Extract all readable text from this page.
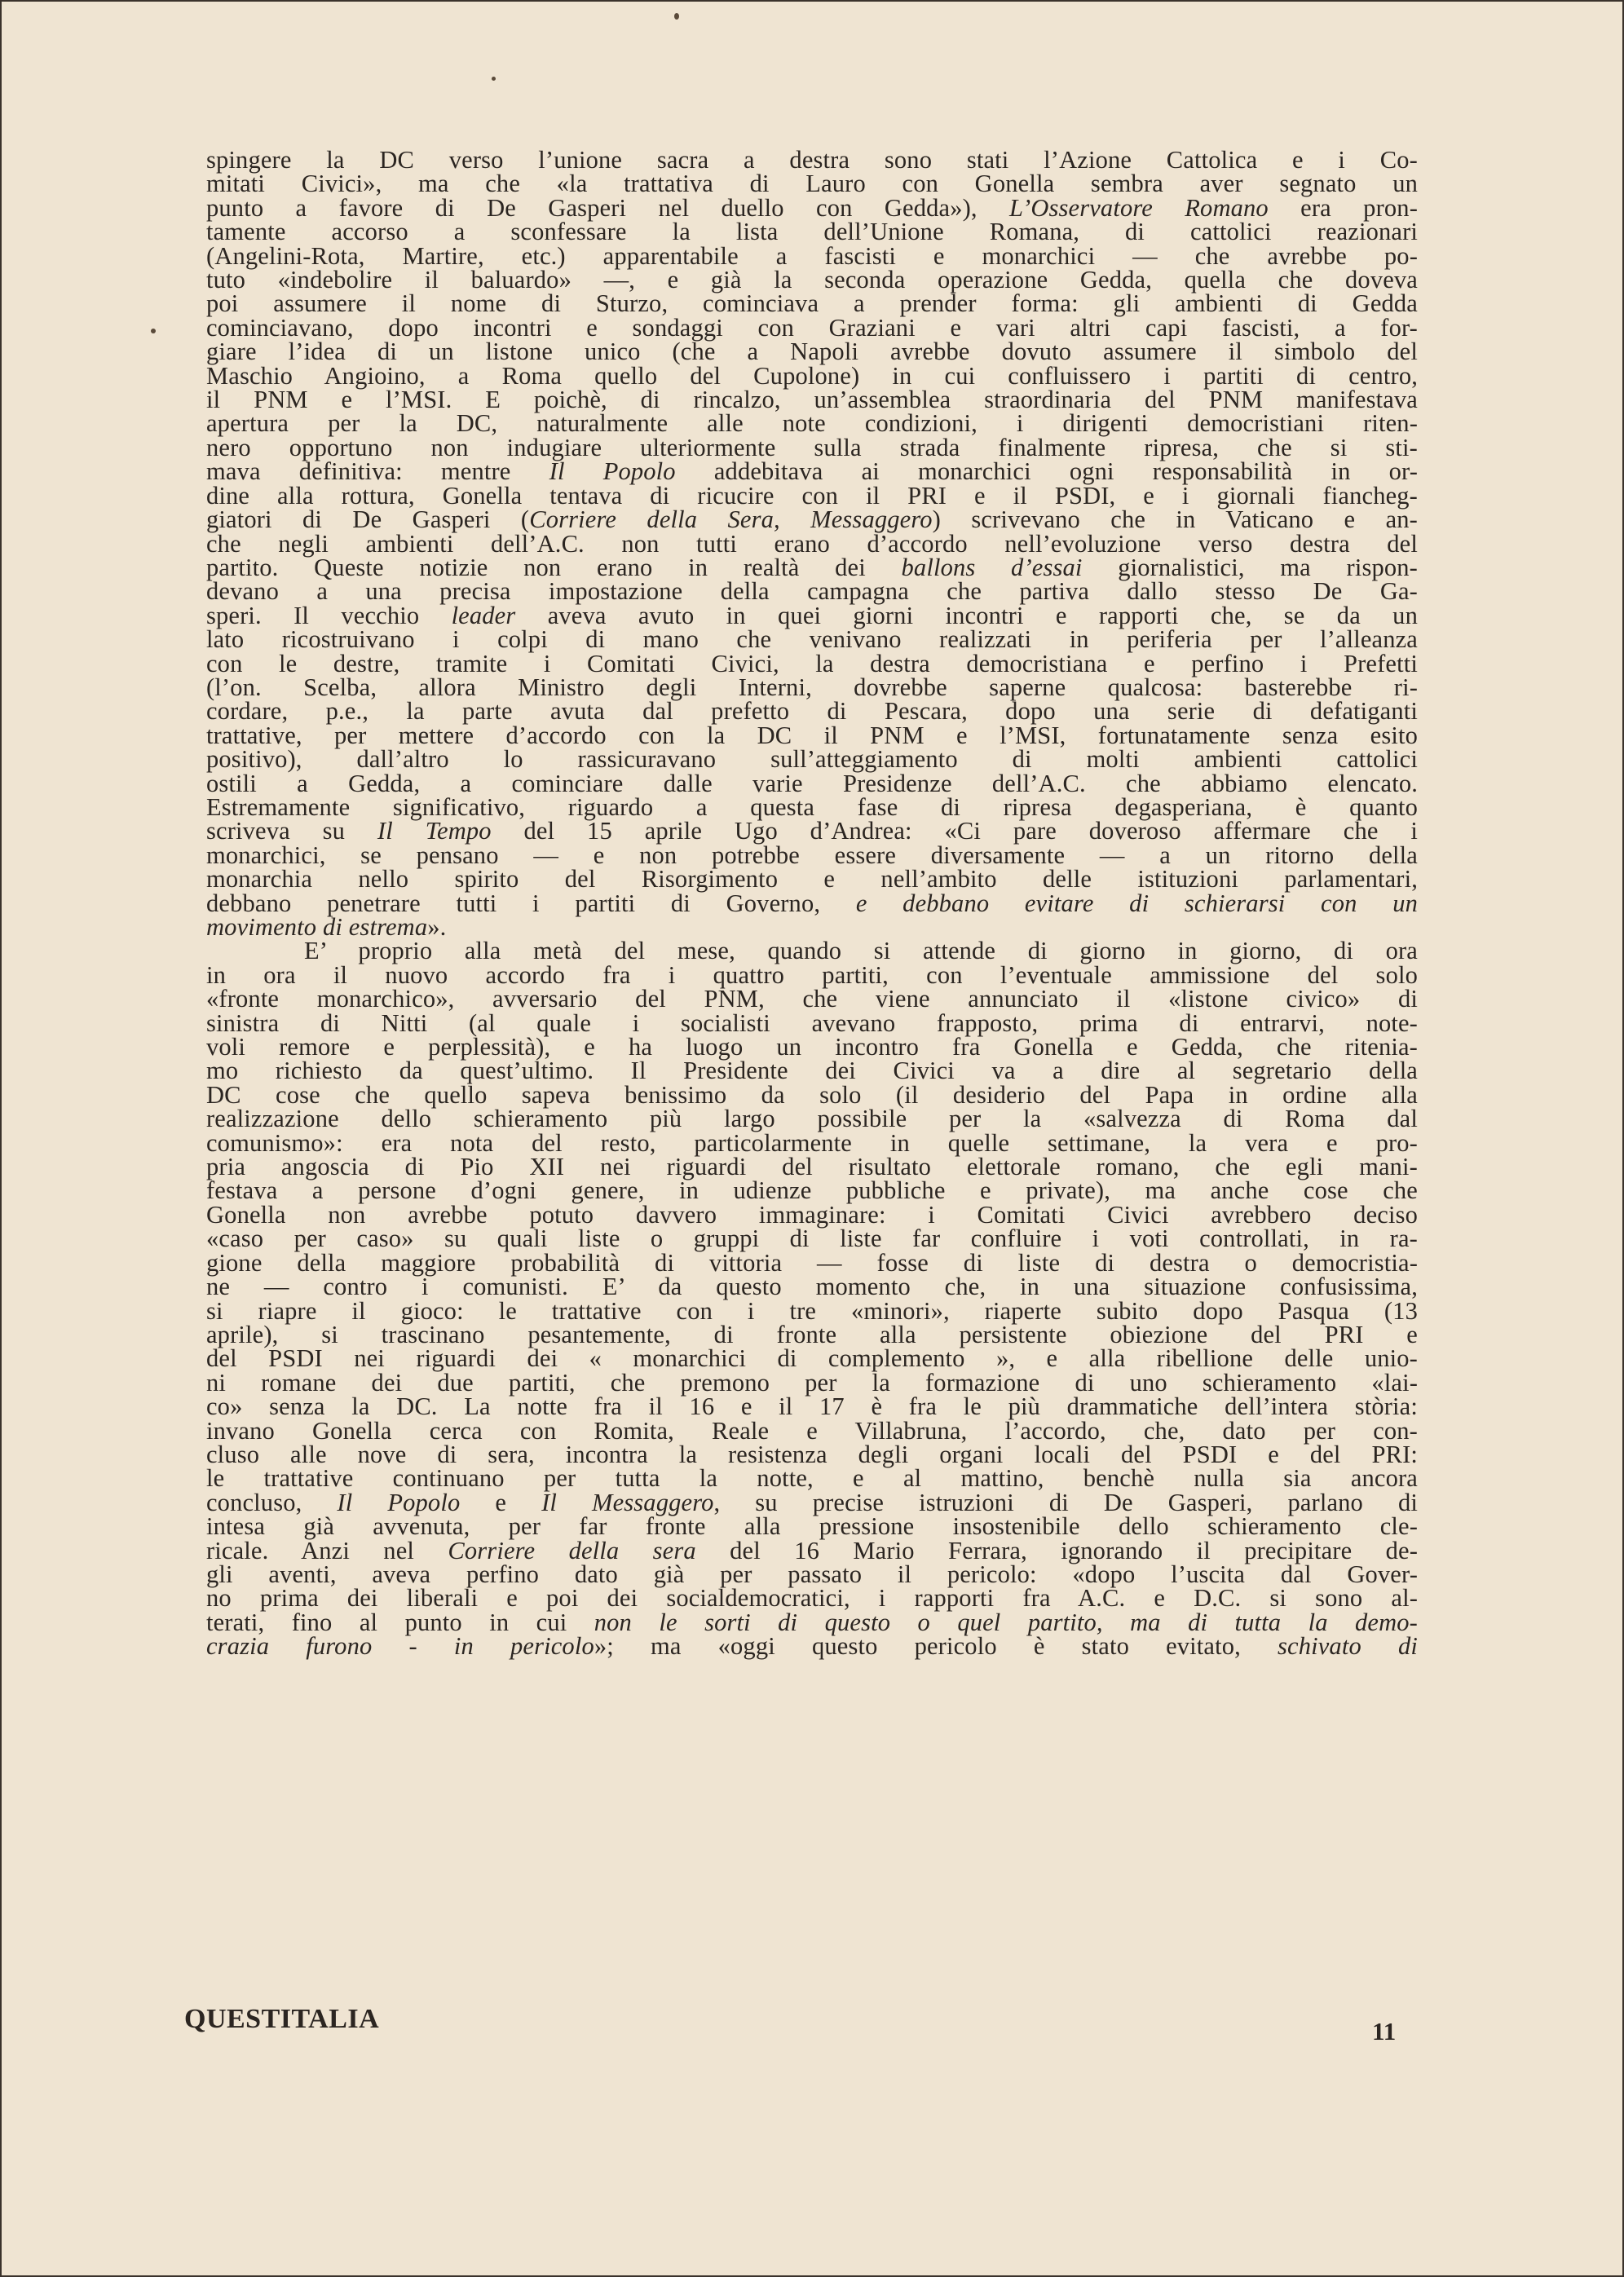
spingere la DC verso l’unione sacra a destra sono stati l’Azione Cattolica e i Co-
mitati Civici», ma che «la trattativa di Lauro con Gonella sembra aver segnato un
punto a favore di De Gasperi nel duello con Gedda»), L’Osservatore Romano era pron-
tamente accorso a sconfessare la lista dell’Unione Romana, di cattolici reazionari
(Angelini-Rota, Martire, etc.) apparentabile a fascisti e monarchici — che avrebbe po-
tuto «indebolire il baluardo» —, e già la seconda operazione Gedda, quella che doveva
poi assumere il nome di Sturzo, cominciava a prender forma: gli ambienti di Gedda
cominciavano, dopo incontri e sondaggi con Graziani e vari altri capi fascisti, a for-
giare l’idea di un listone unico (che a Napoli avrebbe dovuto assumere il simbolo del
Maschio Angioino, a Roma quello del Cupolone) in cui confluissero i partiti di centro,
il PNM e l’MSI. E poichè, di rincalzo, un’assemblea straordinaria del PNM manifestava
apertura per la DC, naturalmente alle note condizioni, i dirigenti democristiani riten-
nero opportuno non indugiare ulteriormente sulla strada finalmente ripresa, che si sti-
mava definitiva: mentre Il Popolo addebitava ai monarchici ogni responsabilità in or-
dine alla rottura, Gonella tentava di ricucire con il PRI e il PSDI, e i giornali fiancheg-
giatori di De Gasperi (Corriere della Sera, Messaggero) scrivevano che in Vaticano e an-
che negli ambienti dell’A.C. non tutti erano d’accordo nell’evoluzione verso destra del
partito. Queste notizie non erano in realtà dei ballons d’essai giornalistici, ma rispon-
devano a una precisa impostazione della campagna che partiva dallo stesso De Ga-
speri. Il vecchio leader aveva avuto in quei giorni incontri e rapporti che, se da un
lato ricostruivano i colpi di mano che venivano realizzati in periferia per l’alleanza
con le destre, tramite i Comitati Civici, la destra democristiana e perfino i Prefetti
(l’on. Scelba, allora Ministro degli Interni, dovrebbe saperne qualcosa: basterebbe ri-
cordare, p.e., la parte avuta dal prefetto di Pescara, dopo una serie di defatiganti
trattative, per mettere d’accordo con la DC il PNM e l’MSI, fortunatamente senza esito
positivo), dall’altro lo rassicuravano sull’atteggiamento di molti ambienti cattolici
ostili a Gedda, a cominciare dalle varie Presidenze dell’A.C. che abbiamo elencato.
Estremamente significativo, riguardo a questa fase di ripresa degasperiana, è quanto
scriveva su Il Tempo del 15 aprile Ugo d’Andrea: «Ci pare doveroso affermare che i
monarchici, se pensano — e non potrebbe essere diversamente — a un ritorno della
monarchia nello spirito del Risorgimento e nell’ambito delle istituzioni parlamentari,
debbano penetrare tutti i partiti di Governo, e debbano evitare di schierarsi con un
movimento di estrema».
E’ proprio alla metà del mese, quando si attende di giorno in giorno, di ora
in ora il nuovo accordo fra i quattro partiti, con l’eventuale ammissione del solo
«fronte monarchico», avversario del PNM, che viene annunciato il «listone civico» di
sinistra di Nitti (al quale i socialisti avevano frapposto, prima di entrarvi, note-
voli remore e perplessità), e ha luogo un incontro fra Gonella e Gedda, che ritenia-
mo richiesto da quest’ultimo. Il Presidente dei Civici va a dire al segretario della
DC cose che quello sapeva benissimo da solo (il desiderio del Papa in ordine alla
realizzazione dello schieramento più largo possibile per la «salvezza di Roma dal
comunismo»: era nota del resto, particolarmente in quelle settimane, la vera e pro-
pria angoscia di Pio XII nei riguardi del risultato elettorale romano, che egli mani-
festava a persone d’ogni genere, in udienze pubbliche e private), ma anche cose che
Gonella non avrebbe potuto davvero immaginare: i Comitati Civici avrebbero deciso
«caso per caso» su quali liste o gruppi di liste far confluire i voti controllati, in ra-
gione della maggiore probabilità di vittoria — fosse di liste di destra o democristia-
ne — contro i comunisti. E’ da questo momento che, in una situazione confusissima,
si riapre il gioco: le trattative con i tre «minori», riaperte subito dopo Pasqua (13
aprile), si trascinano pesantemente, di fronte alla persistente obiezione del PRI e
del PSDI nei riguardi dei « monarchici di complemento », e alla ribellione delle unio-
ni romane dei due partiti, che premono per la formazione di uno schieramento «lai-
co» senza la DC. La notte fra il 16 e il 17 è fra le più drammatiche dell’intera stòria:
invano Gonella cerca con Romita, Reale e Villabruna, l’accordo, che, dato per con-
cluso alle nove di sera, incontra la resistenza degli organi locali del PSDI e del PRI:
le trattative continuano per tutta la notte, e al mattino, benchè nulla sia ancora
concluso, Il Popolo e Il Messaggero, su precise istruzioni di De Gasperi, parlano di
intesa già avvenuta, per far fronte alla pressione insostenibile dello schieramento cle-
ricale. Anzi nel Corriere della sera del 16 Mario Ferrara, ignorando il precipitare de-
gli aventi, aveva perfino dato già per passato il pericolo: «dopo l’uscita dal Gover-
no prima dei liberali e poi dei socialdemocratici, i rapporti fra A.C. e D.C. si sono al-
terati, fino al punto in cui non le sorti di questo o quel partito, ma di tutta la demo-
crazia furono - in pericolo»; ma «oggi questo pericolo è stato evitato, schivato di
QUESTITALIA	11
